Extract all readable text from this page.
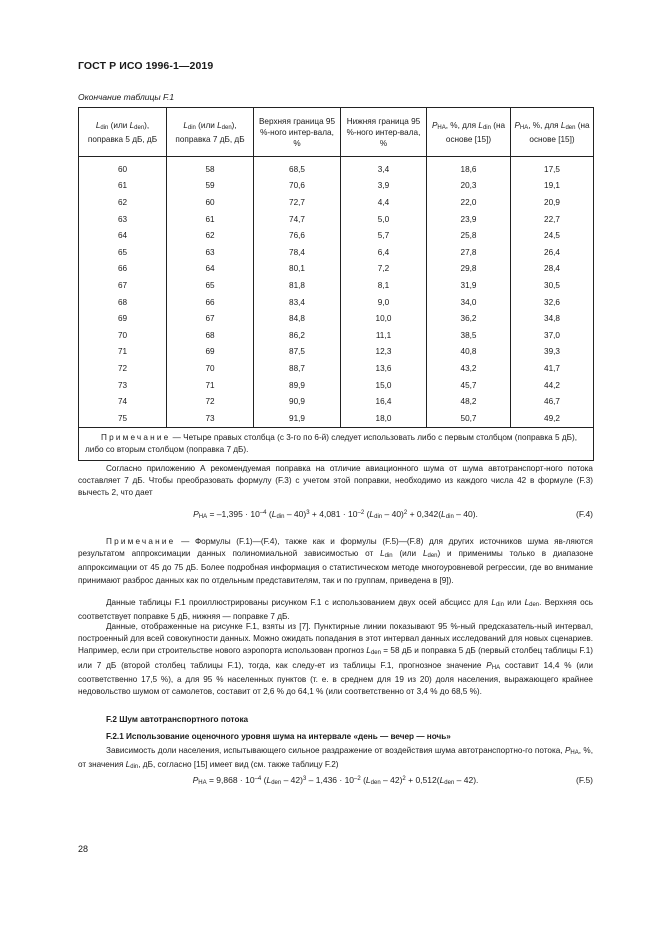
ГОСТ Р ИСО 1996-1—2019
Окончание таблицы F.1
$L_{din}$ (или $L_{den}$), поправка 5 дБ, дБ	$L_{din}$ (или $L_{den}$), поправка 7 дБ, дБ	Верхняя граница 95 %-ного интер-вала, %	Нижняя граница 95 %-ного интер-вала, %	$P_{HA}$, %, для $L_{din}$ (на основе [15])	$P_{HA}$, %, для $L_{den}$ (на основе [15])
60	58	68,5	3,4	18,6	17,5
61	59	70,6	3,9	20,3	19,1
62	60	72,7	4,4	22,0	20,9
63	61	74,7	5,0	23,9	22,7
64	62	76,6	5,7	25,8	24,5
65	63	78,4	6,4	27,8	26,4
66	64	80,1	7,2	29,8	28,4
67	65	81,8	8,1	31,9	30,5
68	66	83,4	9,0	34,0	32,6
69	67	84,8	10,0	36,2	34,8
70	68	86,2	11,1	38,5	37,0
71	69	87,5	12,3	40,8	39,3
72	70	88,7	13,6	43,2	41,7
73	71	89,9	15,0	45,7	44,2
74	72	90,9	16,4	48,2	46,7
75	73	91,9	18,0	50,7	49,2
Примечание — Четыре правых столбца (с 3-го по 6-й) следует использовать либо с первым столбцом (поправка 5 дБ), либо со вторым столбцом (поправка 7 дБ).					
Согласно приложению А рекомендуемая поправка на отличие авиационного шума от шума автотранспорт-ного потока составляет 7 дБ. Чтобы преобразовать формулу (F.3) с учетом этой поправки, необходимо из каждого числа 42 в формуле (F.3) вычесть 2, что дает
$P_{HA} = -1,395 \cdot 10^{-4}$ $(L_{din} - 40)^3 + 4,081 \cdot 10^{-2}$ $(L_{din} - 40)^2 + 0,342(L_{din} - 40)$.	(F.4)
Примечание — Формулы (F.1)—(F.4), также как и формулы (F.5)—(F.8) для других источников шума яв-ляются результатом аппроксимации данных полиномиальной зависимостью от $L_{din}$ (или $L_{den}$) и применимы только в диапазоне аппроксимации от 45 до 75 дБ. Более подробная информация о статистическом методе многоуровневой регрессии, где во внимание принимают разброс данных как по отдельным представителям, так и по группам, приведена в [9]).
Данные таблицы F.1 проиллюстрированы рисунком F.1 с использованием двух осей абсцисс для $L_{din}$ или $L_{den}$. Верхняя ось соответствует поправке 5 дБ, нижняя — поправке 7 дБ.
Данные, отображенные на рисунке F.1, взяты из [7]. Пунктирные линии показывают 95 %-ный предсказатель-ный интервал, построенный для всей совокупности данных. Можно ожидать попадания в этот интервал данных исследований для новых сценариев. Например, если при строительстве нового аэропорта использован прогноз $L_{den} = 58$ дБ и поправка 5 дБ (первый столбец таблицы F.1) или 7 дБ (второй столбец таблицы F.1), тогда, как следу-ет из таблицы F.1, прогнозное значение $P_{HA}$ составит 14,4 % (или соответственно 17,5 %), а для 95 % населенных пунктов (т. е. в среднем для 19 из 20) доля населения, выражающего крайнее недовольство шумом от самолетов, составит от 2,6 % до 64,1 % (или соответственно от 3,4 % до 68,5 %).
F.2 Шум автотранспортного потока
F.2.1 Использование оценочного уровня шума на интервале «день — вечер — ночь»
Зависимость доли населения, испытывающего сильное раздражение от воздействия шума автотранспортно-го потока, $P_{HA}$, %, от значения $L_{din}$, дБ, согласно [15] имеет вид (см. также таблицу F.2)
$P_{HA} = 9,868 \cdot 10^{-4}$ $(L_{den} - 42)^3 - 1,436 \cdot 10^{-2}$ $(L_{den} - 42)^2 + 0,512(L_{den} - 42)$.	(F.5)
28
